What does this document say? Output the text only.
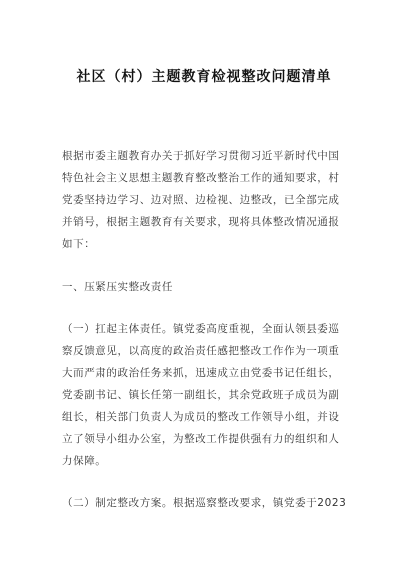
社区（村）主题教育检视整改问题清单
根据市委主题教育办关于抓好学习贯彻习近平新时代中国
特色社会主义思想主题教育整改整治工作的通知要求，村
党委坚持边学习、边对照、边检视、边整改，已全部完成
并销号，根据主题教育有关要求，现将具体整改情况通报
如下：
一、压紧压实整改责任
（一）扛起主体责任。镇党委高度重视，全面认领县委巡
察反馈意见，以高度的政治责任感把整改工作作为一项重
大而严肃的政治任务来抓，迅速成立由党委书记任组长，
党委副书记、镇长任第一副组长，其余党政班子成员为副
组长，相关部门负责人为成员的整改工作领导小组，并设
立了领导小组办公室，为整改工作提供强有力的组织和人
力保障。
（二）制定整改方案。根据巡察整改要求，镇党委于2023
